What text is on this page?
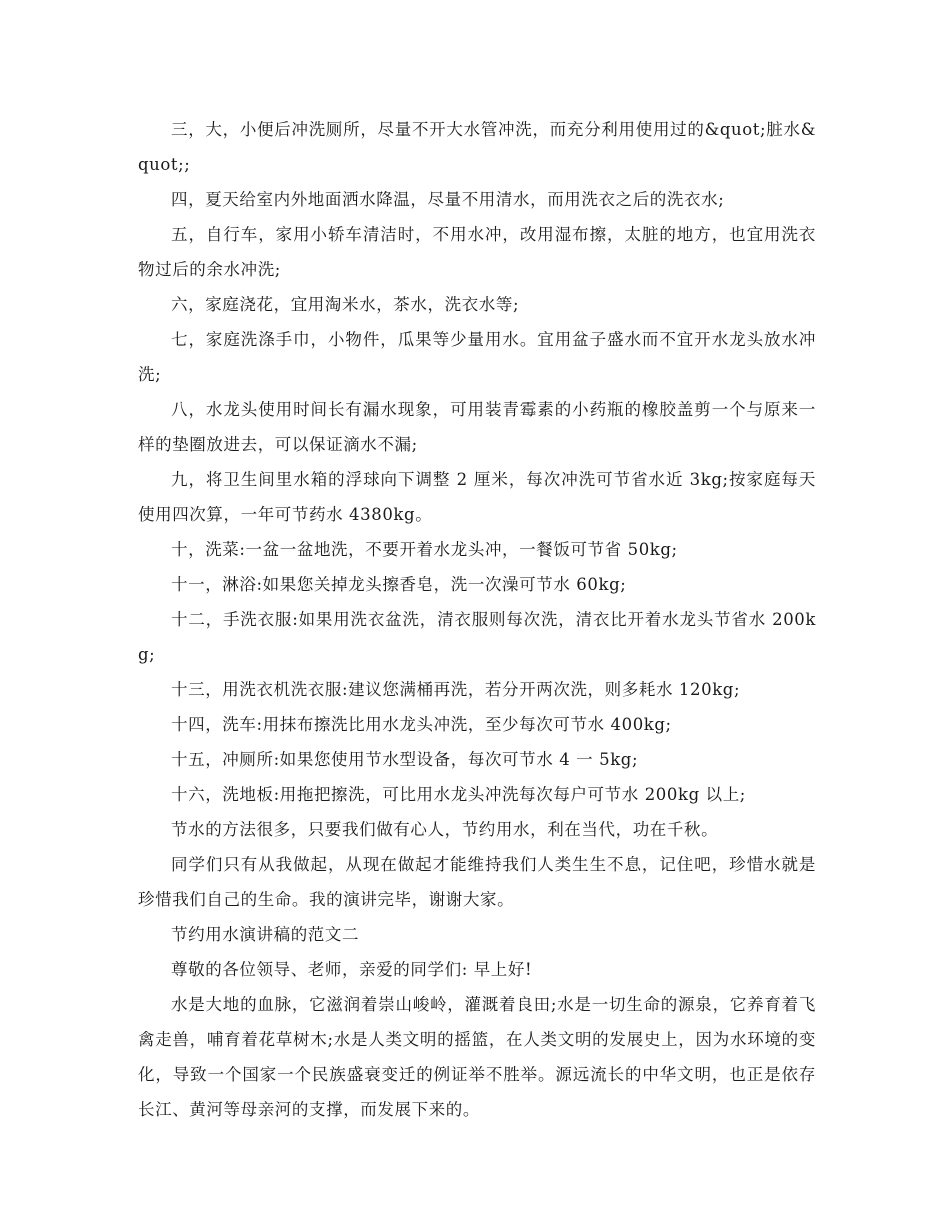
三，大，小便后冲洗厕所，尽量不开大水管冲洗，而充分利用使用过的&quot;脏水&quot;;

四，夏天给室内外地面洒水降温，尽量不用清水，而用洗衣之后的洗衣水;

五，自行车，家用小轿车清洁时，不用水冲，改用湿布擦，太脏的地方，也宜用洗衣物过后的余水冲洗;

六，家庭浇花，宜用淘米水，茶水，洗衣水等;

七，家庭洗涤手巾，小物件，瓜果等少量用水。宜用盆子盛水而不宜开水龙头放水冲洗;

八，水龙头使用时间长有漏水现象，可用装青霉素的小药瓶的橡胶盖剪一个与原来一样的垫圈放进去，可以保证滴水不漏;

九，将卫生间里水箱的浮球向下调整 2 厘米，每次冲洗可节省水近 3kg;按家庭每天使用四次算，一年可节药水 4380kg。

十，洗菜:一盆一盆地洗，不要开着水龙头冲，一餐饭可节省 50kg;

十一，淋浴:如果您关掉龙头擦香皂，洗一次澡可节水 60kg;

十二，手洗衣服:如果用洗衣盆洗，清衣服则每次洗，清衣比开着水龙头节省水 200kg;

十三，用洗衣机洗衣服:建议您满桶再洗，若分开两次洗，则多耗水 120kg;

十四，洗车:用抹布擦洗比用水龙头冲洗，至少每次可节水 400kg;

十五，冲厕所:如果您使用节水型设备，每次可节水 4 一 5kg;

十六，洗地板:用拖把擦洗，可比用水龙头冲洗每次每户可节水 200kg 以上;

节水的方法很多，只要我们做有心人，节约用水，利在当代，功在千秋。

同学们只有从我做起，从现在做起才能维持我们人类生生不息，记住吧，珍惜水就是珍惜我们自己的生命。我的演讲完毕，谢谢大家。

节约用水演讲稿的范文二

尊敬的各位领导、老师，亲爱的同学们: 早上好!

水是大地的血脉，它滋润着崇山峻岭，灌溉着良田;水是一切生命的源泉，它养育着飞禽走兽，哺育着花草树木;水是人类文明的摇篮，在人类文明的发展史上，因为水环境的变化，导致一个国家一个民族盛衰变迁的例证举不胜举。源远流长的中华文明，也正是依存长江、黄河等母亲河的支撑，而发展下来的。
